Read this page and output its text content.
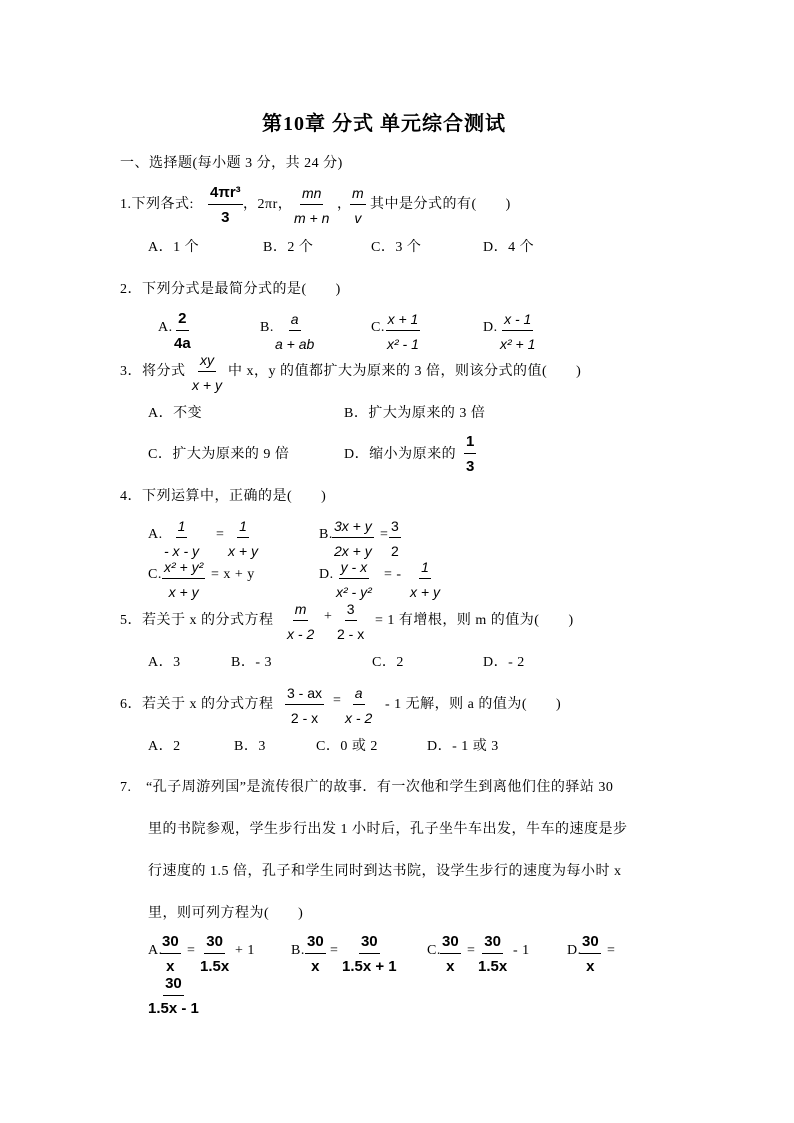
第10章 分式 单元综合测试
一、选择题(每小题 3 分，共 24 分)
1.下列各式: $\frac{\text{4πr³}}{3}$ ，2πr， $\frac{mn}{m + n}$ ，
$\frac{m}{v}$ 其中是分式的有(　　)
A．1 个	B．2 个	C．3 个	D．4 个
2．下列分式是最简分式的是(　　)
A. $\frac{2}{4a}$	B. $\frac{a}{a + ab}$	C. $\frac{x + 1}{\text{x² - 1}}$	D. $\frac{x - 1}{\text{x² + 1}}$
3．将分式 $\frac{xy}{x + y}$ 中 x，y 的值都扩大为原来的 3 倍，则该分式的值(　　)
A．不变	B．扩大为原来的 3 倍
C．扩大为原来的 9 倍	D．缩小为原来的 $\frac{1}{3}$
4．下列运算中，正确的是(　　)
A. $\frac{1}{- x - y} = \frac{1}{x + y}$	B. $\frac{3x + y}{2x + y} = \frac{3}{2}$
C. $\frac{\text{x² + y²}}{x + y} = x + y$	D. $\frac{y - x}{\text{x² - y²}}$ = - $\frac{1}{x + y}$
5．若关于 x 的分式方程 $\frac{m}{x - 2} + \frac{3}{2 - x} = 1$ 有增根，则 m 的值为(　　)
A．3	B．- 3	C．2	D．- 2
6．若关于 x 的分式方程 $\frac{3 - ax}{2 - x} = \frac{a}{x - 2} - 1$ 无解，则 a 的值为(　　)
A．2	B．3	C．0 或 2	D．- 1 或 3
7.　“孔子周游列国”是流传很广的故事．有一次他和学生到离他们住的驿站 30
里的书院参观，学生步行出发 1 小时后，孔子坐牛车出发，牛车的速度是步
行速度的 1.5 倍，孔子和学生同时到达书院，设学生步行的速度为每小时 x
里，则可列方程为(　　)
A.
$\frac{30}{x} = \frac{30}{1.5x} + 1$	B. $\frac{30}{x} = \frac{30}{1.5x + 1} C$. $\frac{30}{x} = \frac{30}{1.5x} - 1$	D.
$\frac{30}{x}$ =
$\frac{30}{1.5x - 1}$
